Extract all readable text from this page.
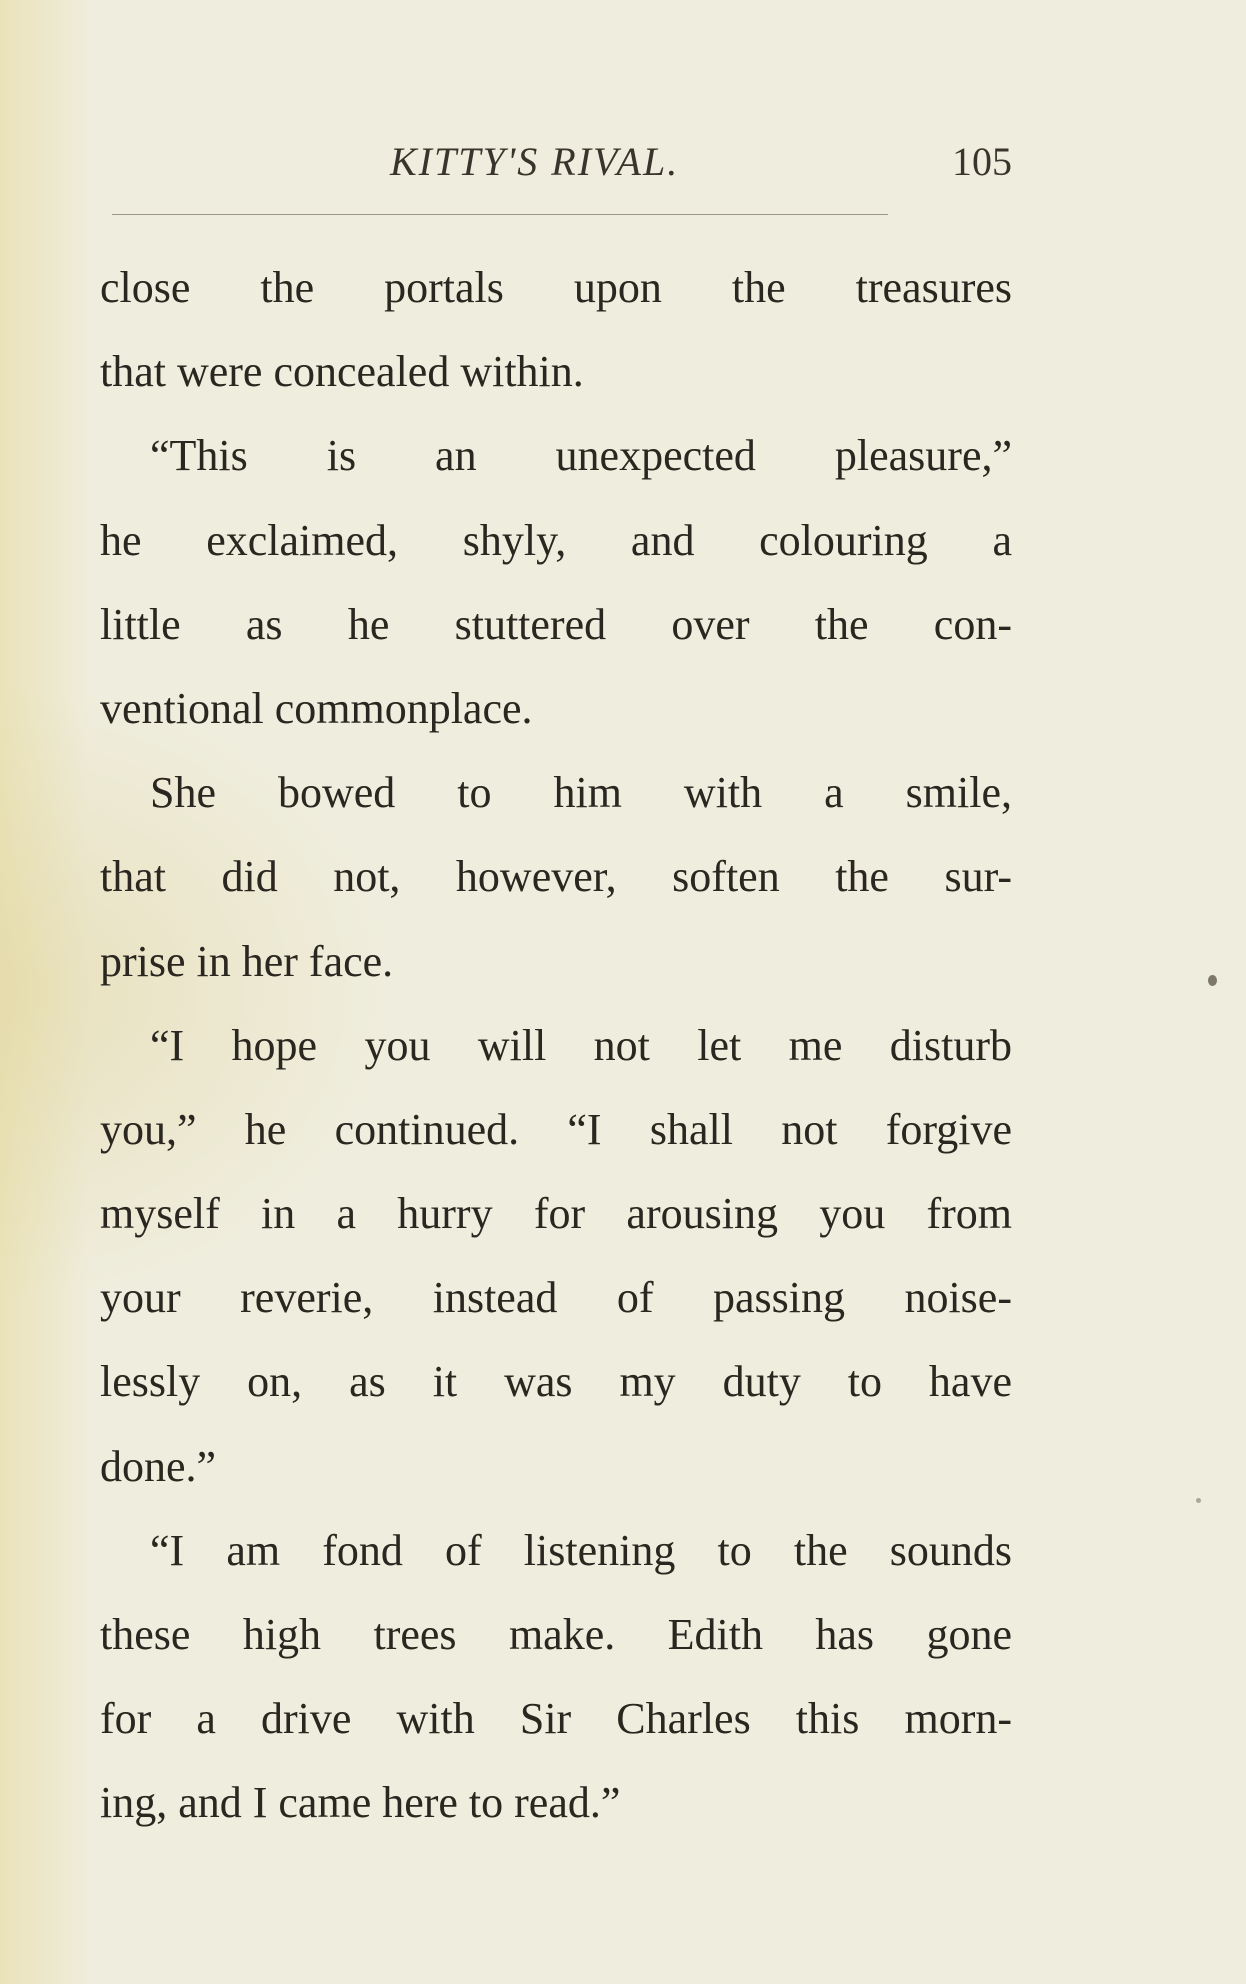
KITTY'S RIVAL.	105
close the portals upon the treasures
that were concealed within.
“This is an unexpected pleasure,”
he exclaimed, shyly, and colouring a
little as he stuttered over the con-
ventional commonplace.
She bowed to him with a smile,
that did not, however, soften the sur-
prise in her face.
“I hope you will not let me disturb
you,” he continued. “I shall not forgive
myself in a hurry for arousing you from
your reverie, instead of passing noise-
lessly on, as it was my duty to have
done.”
“I am fond of listening to the sounds
these high trees make. Edith has gone
for a drive with Sir Charles this morn-
ing, and I came here to read.”
